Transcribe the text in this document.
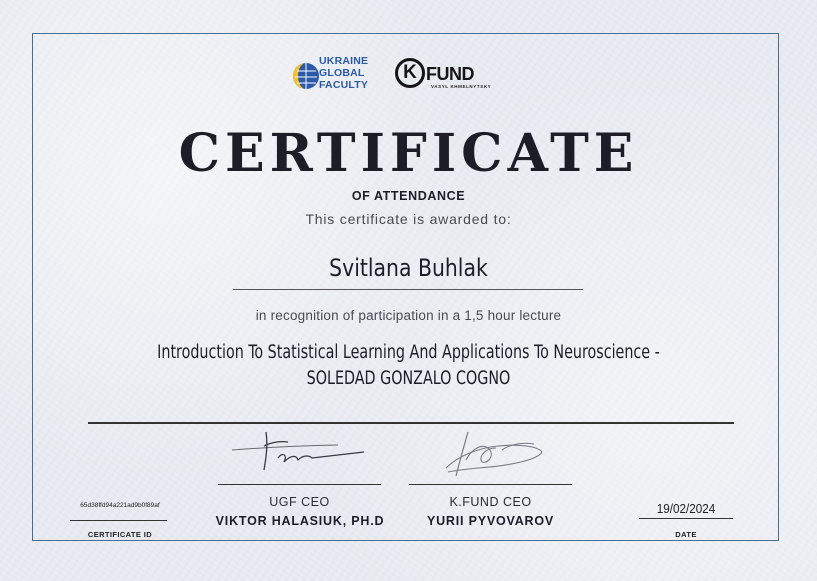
UKRAINE
GLOBAL
FACULTY
K FUND
VASYL KHMELNYTSKY
CERTIFICATE
OF ATTENDANCE
This certificate is awarded to:
Svitlana Buhlak
in recognition of participation in a 1,5 hour lecture
Introduction To Statistical Learning And Applications To Neuroscience -
SOLEDAD GONZALO COGNO
UGF CEO
VIKTOR HALASIUK, PH.D
K.FUND CEO
YURII PYVOVAROV
65d38ffd94a221ad9b0f89af
CERTIFICATE ID
19/02/2024
DATE
